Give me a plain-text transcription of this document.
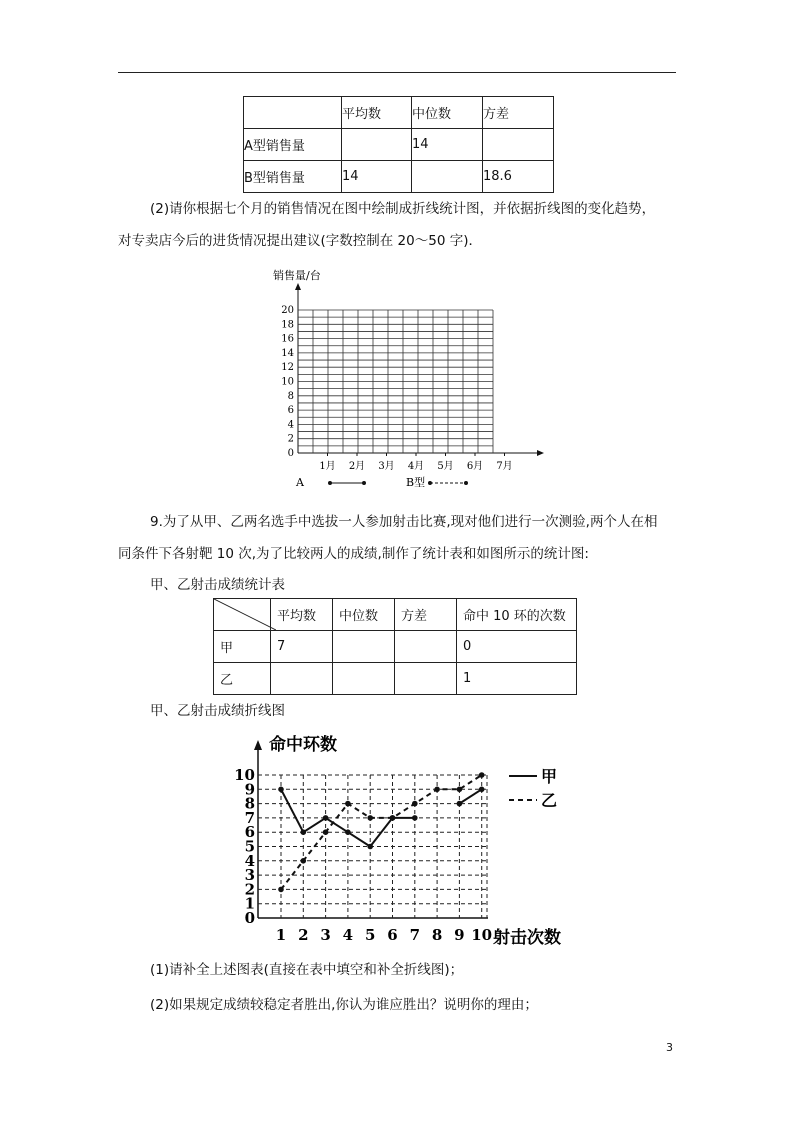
	平均数	中位数	方差
A型销售量		14	
B型销售量	14		18.6
(2)请你根据七个月的销售情况在图中绘制成折线统计图，并依据折线图的变化趋势，
对专卖店今后的进货情况提出建议(字数控制在 20～50 字)．
销售量/台
0
2
4
6
8
10
12
14
16
18
20
1月 2月 3月 4月 5月 6月 7月
A	B型
9.为了从甲、乙两名选手中选拔一人参加射击比赛,现对他们进行一次测验,两个人在相
同条件下各射靶 10 次,为了比较两人的成绩,制作了统计表和如图所示的统计图:
甲、乙射击成绩统计表
	平均数	中位数	方差	命中 10 环的次数
甲	7			0
乙				1
甲、乙射击成绩折线图
命中环数
0
1
2
3
4
5
6
7
8
9
10
1 2 3 4 5 6 7 8 9 10 射击次数
甲
乙
(1)请补全上述图表(直接在表中填空和补全折线图)；
(2)如果规定成绩较稳定者胜出,你认为谁应胜出？说明你的理由；
3
